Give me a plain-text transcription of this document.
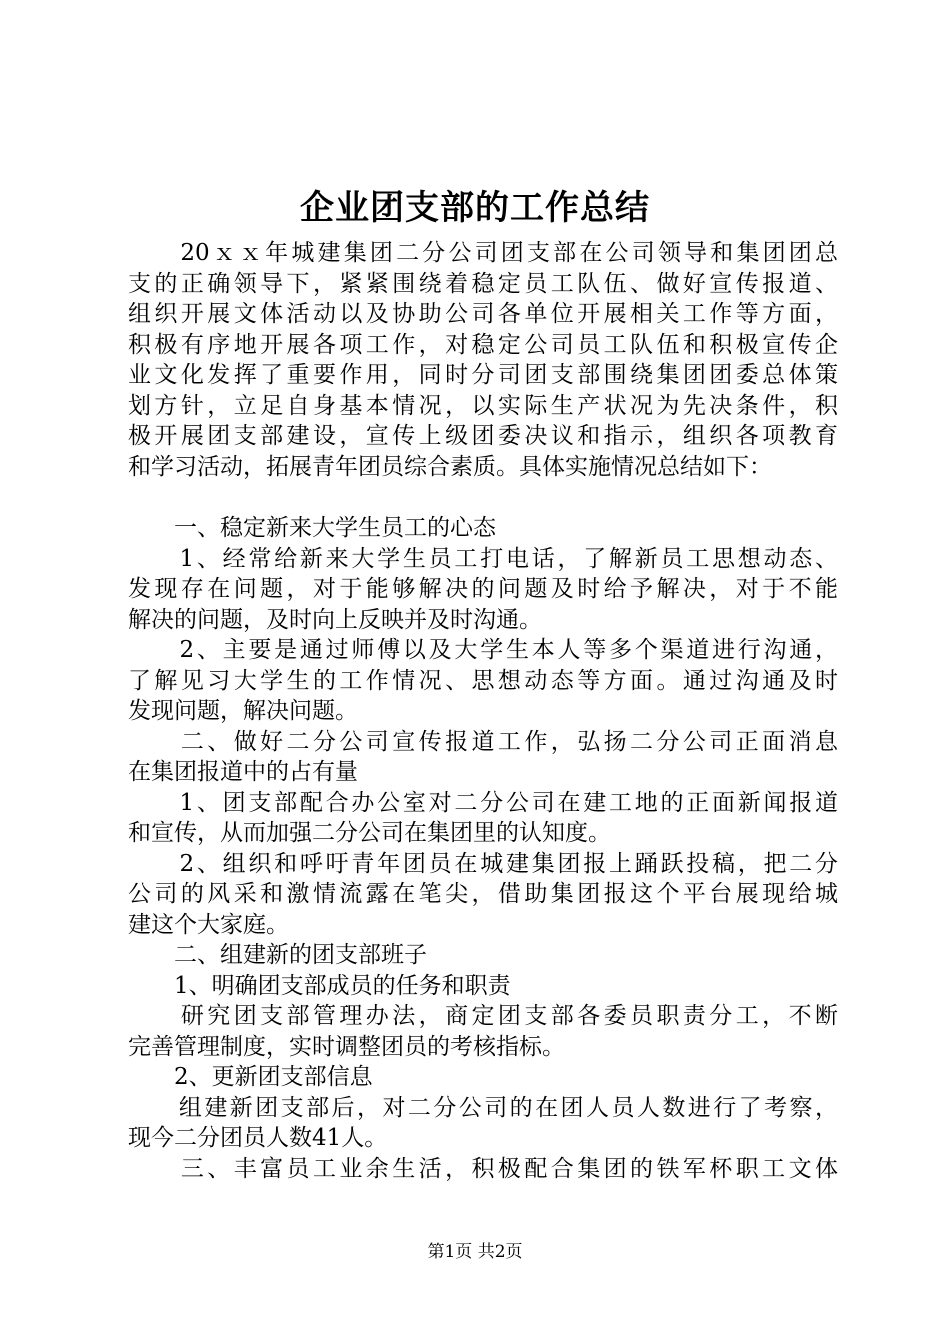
企业团支部的工作总结
　　20ｘｘ年城建集团二分公司团支部在公司领导和集团团总
支的正确领导下，紧紧围绕着稳定员工队伍、做好宣传报道、
组织开展文体活动以及协助公司各单位开展相关工作等方面，
积极有序地开展各项工作，对稳定公司员工队伍和积极宣传企
业文化发挥了重要作用，同时分司团支部围绕集团团委总体策
划方针，立足自身基本情况，以实际生产状况为先决条件，积
极开展团支部建设，宣传上级团委决议和指示，组织各项教育
和学习活动，拓展青年团员综合素质。具体实施情况总结如下：
　　一、稳定新来大学生员工的心态
　　1、经常给新来大学生员工打电话，了解新员工思想动态、
发现存在问题，对于能够解决的问题及时给予解决，对于不能
解决的问题，及时向上反映并及时沟通。
　　2、主要是通过师傅以及大学生本人等多个渠道进行沟通，
了解见习大学生的工作情况、思想动态等方面。通过沟通及时
发现问题，解决问题。
　　二、做好二分公司宣传报道工作，弘扬二分公司正面消息
在集团报道中的占有量
　　1、团支部配合办公室对二分公司在建工地的正面新闻报道
和宣传，从而加强二分公司在集团里的认知度。
　　2、组织和呼吁青年团员在城建集团报上踊跃投稿，把二分
公司的风采和激情流露在笔尖，借助集团报这个平台展现给城
建这个大家庭。
　　二、组建新的团支部班子
　　1、明确团支部成员的任务和职责
　　研究团支部管理办法，商定团支部各委员职责分工，不断
完善管理制度，实时调整团员的考核指标。
　　2、更新团支部信息
　　组建新团支部后，对二分公司的在团人员人数进行了考察，
现今二分团员人数41人。
　　三、丰富员工业余生活，积极配合集团的铁军杯职工文体
第1页 共2页
